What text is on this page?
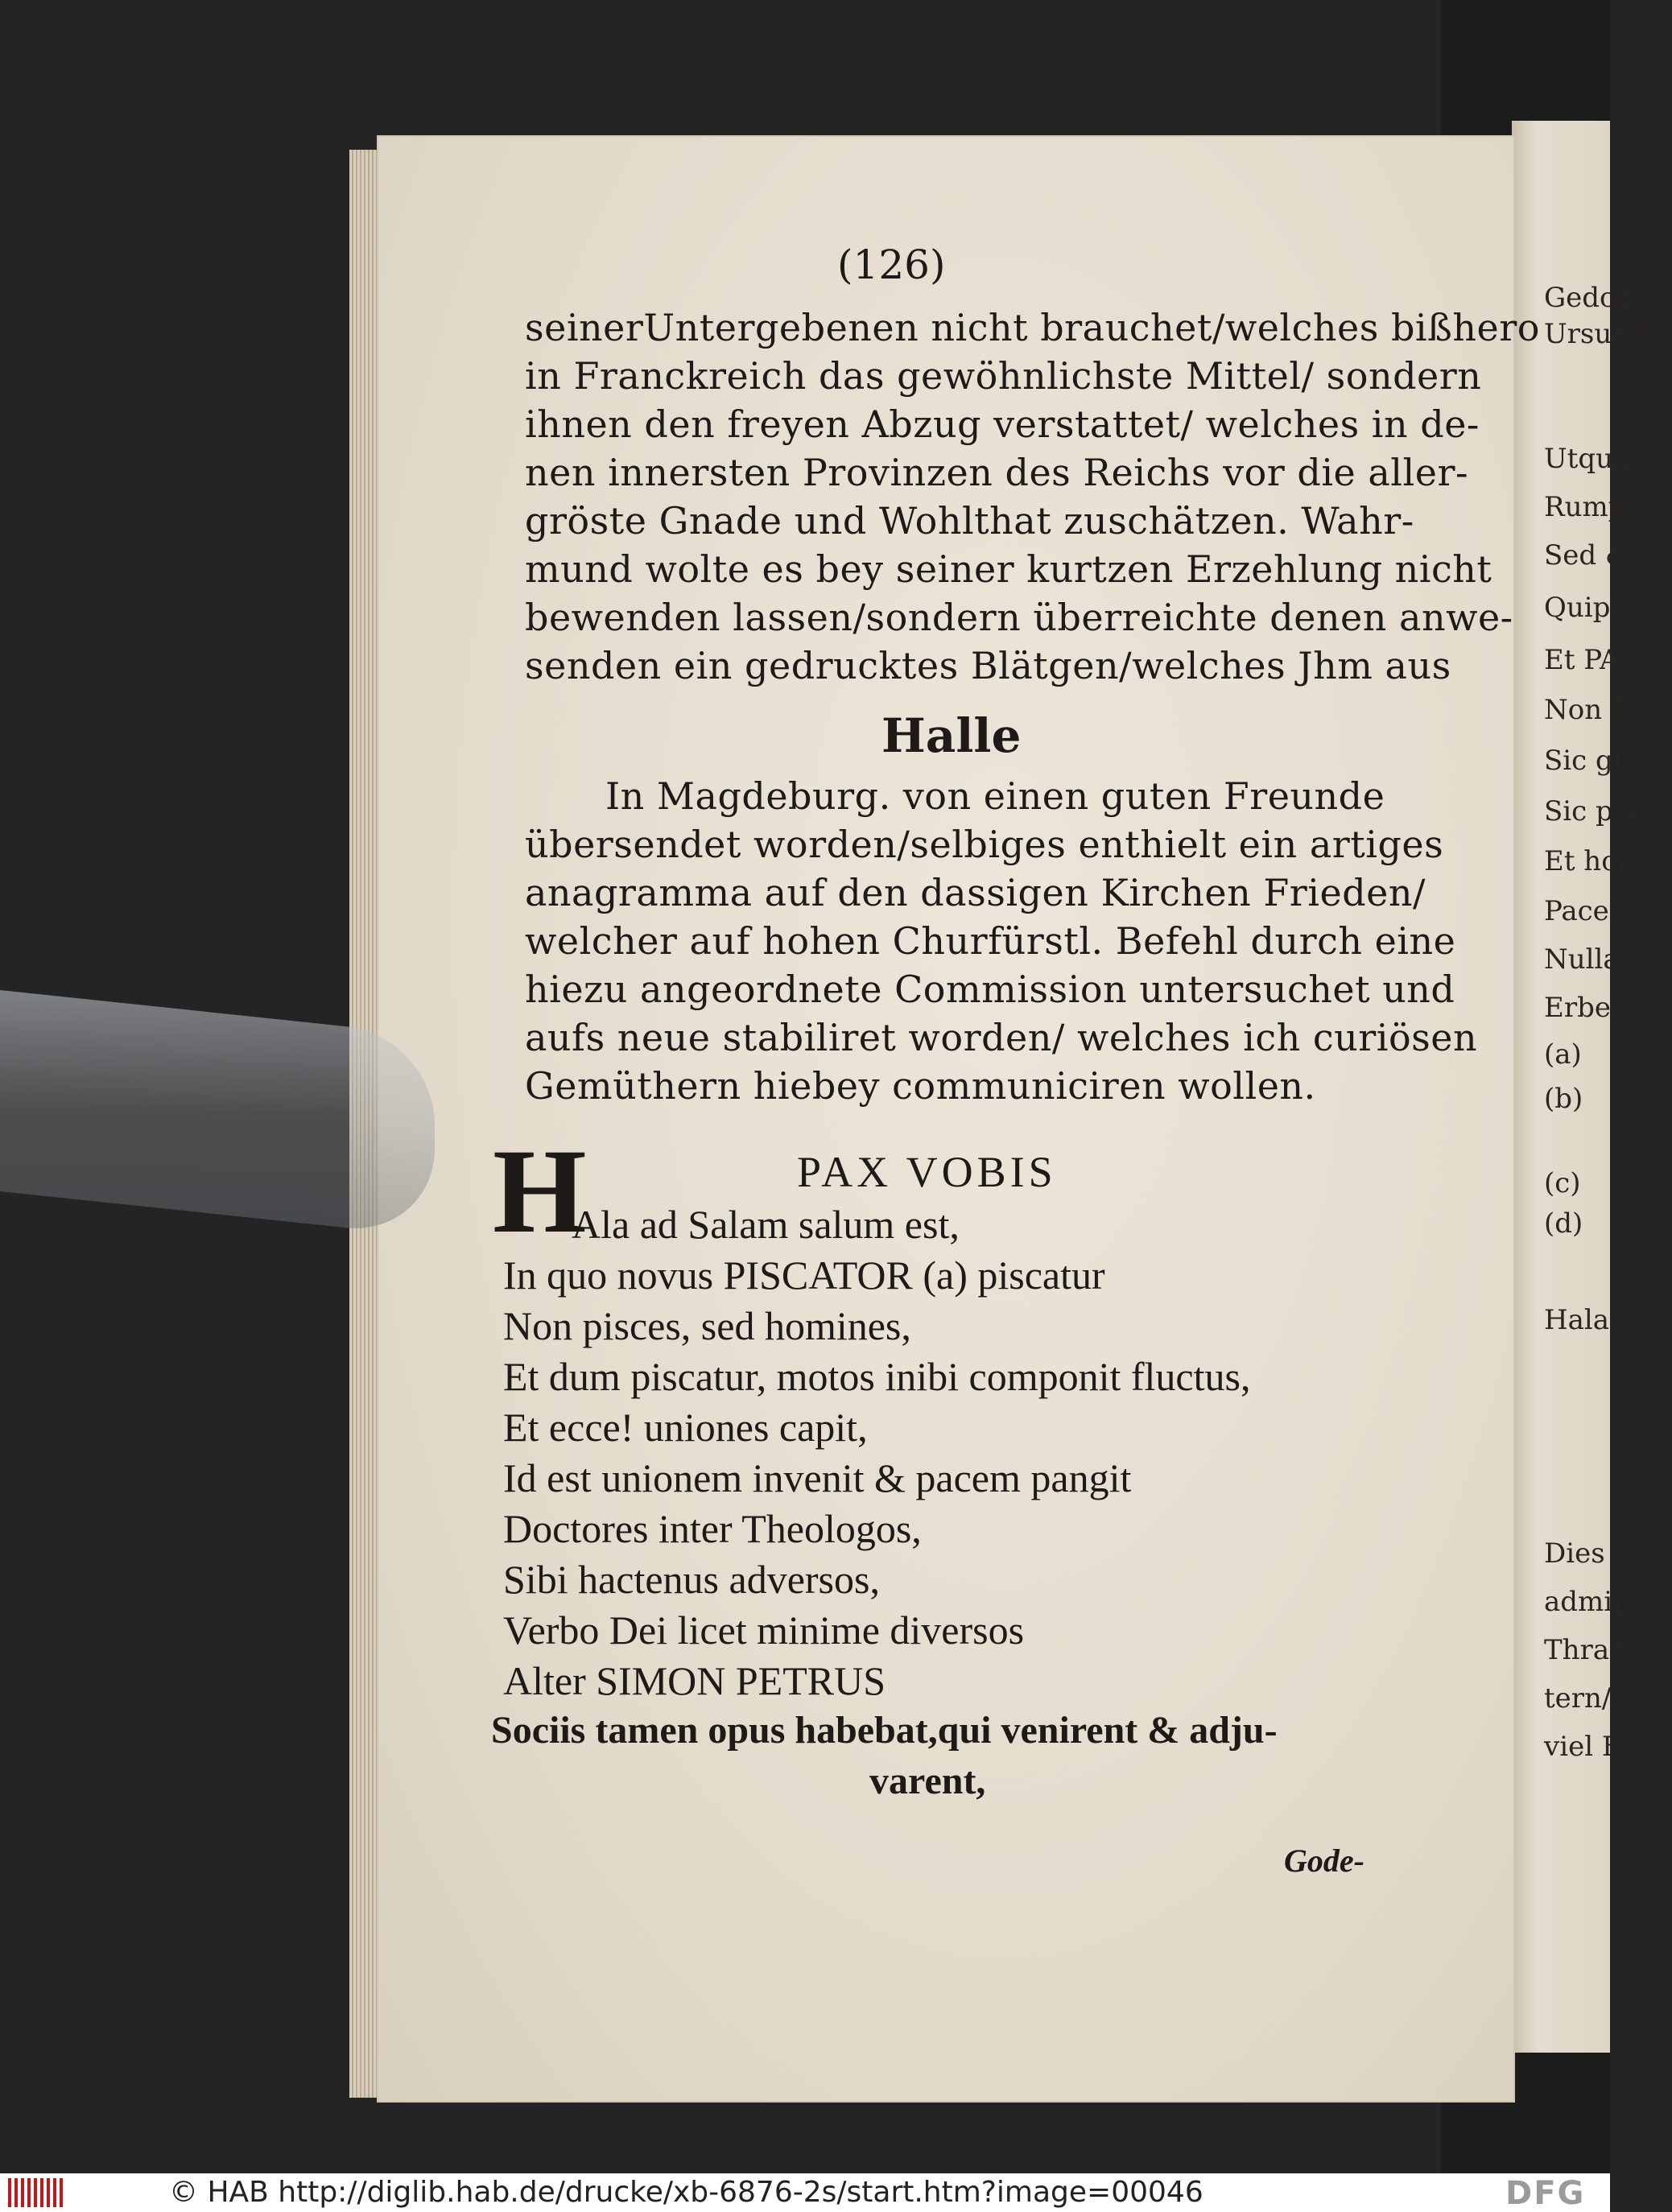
Gedofrid
Ursus F
Utque
Rump
Sed &
Quip
Et PA
Non S
Sic glo
Sic pax
Et hom
Pacem
Nulla
Erbel
(a)
(b)
(c)
(d)
Hala d. X
Dies
admir
Thras
tern/
viel E
(126)
seinerUntergebenen nicht brauchet/welches bißhero
in Franckreich das gewöhnlichste Mittel/ sondern
ihnen den freyen Abzug verstattet/ welches in de-
nen innersten Provinzen des Reichs vor die aller-
gröste Gnade und Wohlthat zuschätzen. Wahr-
mund wolte es bey seiner kurtzen Erzehlung nicht
bewenden lassen/sondern überreichte denen anwe-
senden ein gedrucktes Blätgen/welches Jhm aus
Halle
In Magdeburg. von einen guten Freunde
übersendet worden/selbiges enthielt ein artiges
anagramma auf den dassigen Kirchen Frieden/
welcher auf hohen Churfürstl. Befehl durch eine
hiezu angeordnete Commission untersuchet und
aufs neue stabiliret worden/ welches ich curiösen
Gemüthern hiebey communiciren wollen.
H	PAX VOBIS
Ala ad Salam salum est,
In quo novus PISCATOR (a) piscatur
Non pisces, sed homines,
Et dum piscatur, motos inibi componit fluctus,
Et ecce! uniones capit,
Id est unionem invenit & pacem pangit
Doctores inter Theologos,
Sibi hactenus adversos,
Verbo Dei licet minime diversos
Alter SIMON PETRUS
Sociis tamen opus habebat,qui venirent & adju-
varent,
Gode-
© HAB http://diglib.hab.de/drucke/xb-6876-2s/start.htm?image=00046	DFG
